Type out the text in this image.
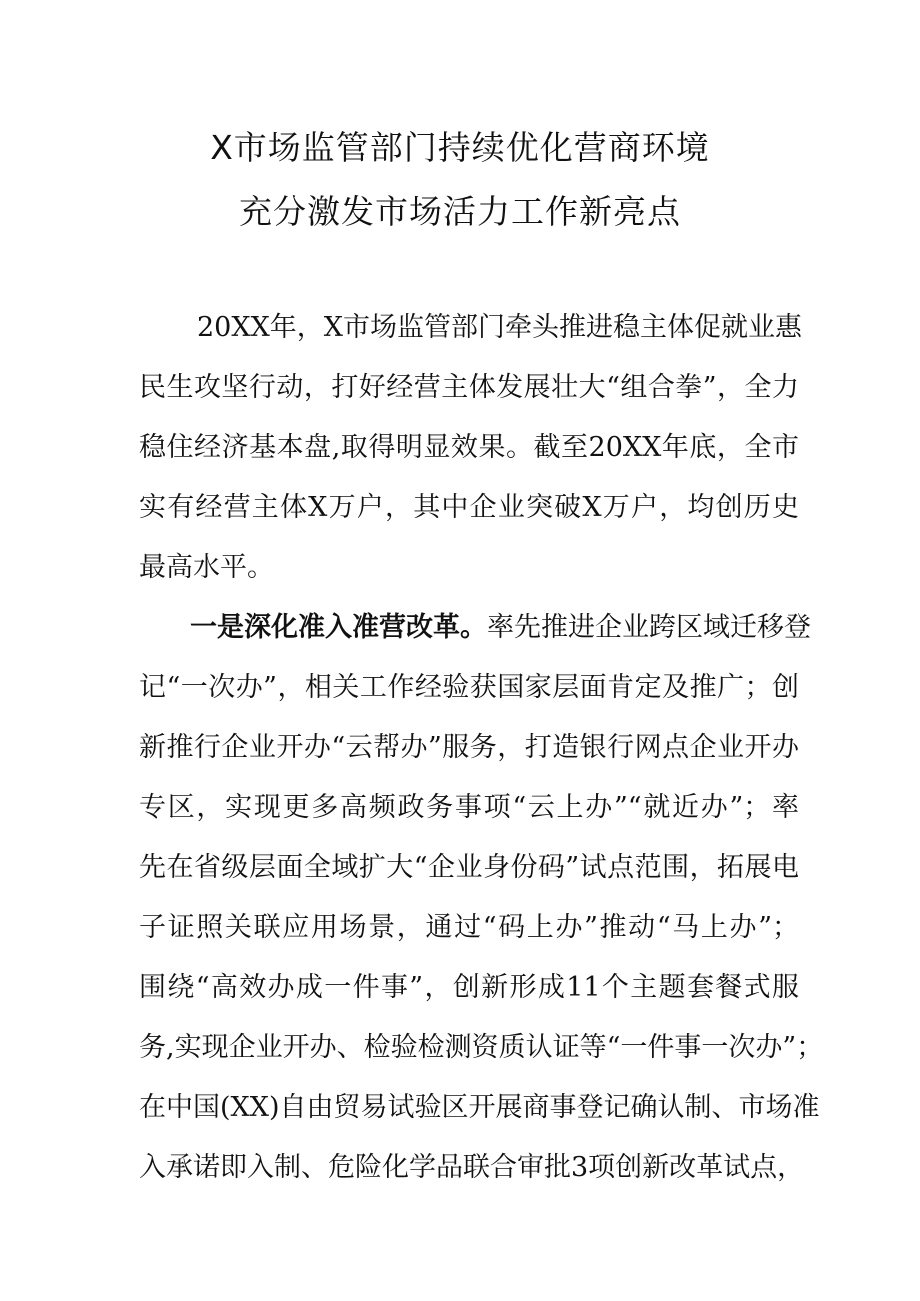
X市场监管部门持续优化营商环境
充分激发市场活力工作新亮点
20XX年，X市场监管部门牵头推进稳主体促就业惠
民生攻坚行动，打好经营主体发展壮大“组合拳”，全力
稳住经济基本盘,取得明显效果。截至20XX年底，全市
实有经营主体X万户，其中企业突破X万户，均创历史
最高水平。
一是深化准入准营改革。率先推进企业跨区域迁移登
记“一次办”，相关工作经验获国家层面肯定及推广；创
新推行企业开办“云帮办”服务，打造银行网点企业开办
专区，实现更多高频政务事项“云上办”“就近办”；率
先在省级层面全域扩大“企业身份码”试点范围，拓展电
子证照关联应用场景，通过“码上办”推动“马上办”；
围绕“高效办成一件事”，创新形成11个主题套餐式服
务,实现企业开办、检验检测资质认证等“一件事一次办”；
在中国(XX)自由贸易试验区开展商事登记确认制、市场准
入承诺即入制、危险化学品联合审批3项创新改革试点，
